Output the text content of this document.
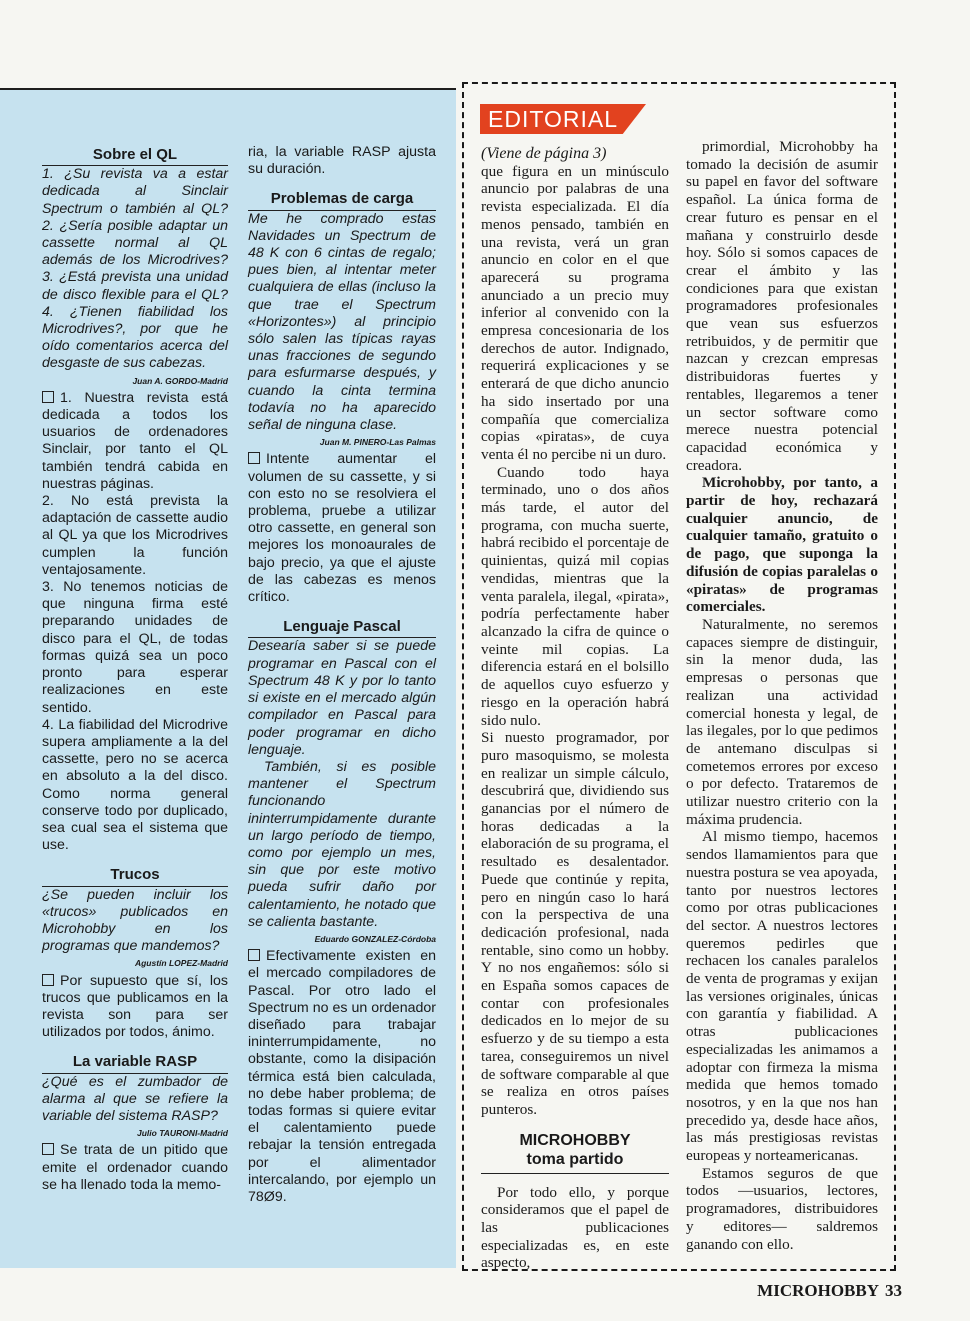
Sobre el QL

1. ¿Su revista va a estar dedicada al Sinclair Spectrum o también al QL? 2. ¿Sería posible adaptar un cassette normal al QL además de los Microdrives? 3. ¿Está prevista una unidad de disco flexible para el QL? 4. ¿Tienen fiabilidad los Microdrives?, por que he oído comentarios acerca del desgaste de sus cabezas.

Juan A. GORDO-Madrid

1. Nuestra revista está dedicada a todos los usuarios de ordenadores Sinclair, por tanto el QL también tendrá cabida en nuestras páginas.

2. No está prevista la adaptación de cassette audio al QL ya que los Microdrives cumplen la función ventajosamente.

3. No tenemos noticias de que ninguna firma esté preparando unidades de disco para el QL, de todas formas quizá sea un poco pronto para esperar realizaciones en este sentido.

4. La fiabilidad del Microdrive supera ampliamente a la del cassette, pero no se acerca en absoluto a la del disco. Como norma general conserve todo por duplicado, sea cual sea el sistema que use.

Trucos

¿Se pueden incluir los «trucos» publicados en Microhobby en los programas que mandemos?

Agustín LOPEZ-Madrid

Por supuesto que sí, los trucos que publicamos en la revista son para ser utilizados por todos, ánimo.

La variable RASP

¿Qué es el zumbador de alarma al que se refiere la variable del sistema RASP?

Julio TAURONI-Madrid

Se trata de un pitido que emite el ordenador cuando se ha llenado toda la memo-

ria, la variable RASP ajusta su duración.

Problemas de carga

Me he comprado estas Navidades un Spectrum de 48 K con 6 cintas de regalo; pues bien, al intentar meter cualquiera de ellas (incluso la que trae el Spectrum «Horizontes») al principio sólo salen las típicas rayas unas fracciones de segundo para esfurmarse después, y cuando la cinta termina todavía no ha aparecido señal de ninguna clase.

Juan M. PINERO-Las Palmas

Intente aumentar el volumen de su cassette, y si con esto no se resolviera el problema, pruebe a utilizar otro cassette, en general son mejores los monoaurales de bajo precio, ya que el ajuste de las cabezas es menos crítico.

Lenguaje Pascal

Desearía saber si se puede programar en Pascal con el Spectrum 48 K y por lo tanto si existe en el mercado algún compilador en Pascal para poder programar en dicho lenguaje.

También, si es posible mantener el Spectrum funcionando ininterrumpidamente durante un largo período de tiempo, como por ejemplo un mes, sin que por este motivo pueda sufrir daño por calentamiento, he notado que se calienta bastante.

Eduardo GONZALEZ-Córdoba

Efectivamente existen en el mercado compiladores de Pascal. Por otro lado el Spectrum no es un ordenador diseñado para trabajar ininterrumpidamente, no obstante, como la disipación térmica está bien calculada, no debe haber problema; de todas formas si quiere evitar el calentamiento puede rebajar la tensión entregada por el alimentador intercalando, por ejemplo un 78Ø9.

EDITORIAL

(Viene de página 3)

que figura en un minúsculo anuncio por palabras de una revista especializada. El día menos pensado, también en una revista, verá un gran anuncio en color en el que aparecerá su programa anunciado a un precio muy inferior al convenido con la empresa concesionaria de los derechos de autor. Indignado, requerirá explicaciones y se enterará de que dicho anuncio ha sido insertado por una compañía que comercializa copias «piratas», de cuya venta él no percibe ni un duro.

Cuando todo haya terminado, uno o dos años más tarde, el autor del programa, con mucha suerte, habrá recibido el porcentaje de quinientas, quizá mil copias vendidas, mientras que la venta paralela, ilegal, «pirata», podría perfectamente haber alcanzado la cifra de quince o veinte mil copias. La diferencia estará en el bolsillo de aquellos cuyo esfuerzo y riesgo en la operación habrá sido nulo.

Si nuesto programador, por puro masoquismo, se molesta en realizar un simple cálculo, descubrirá que, dividiendo sus ganancias por el número de horas dedicadas a la elaboración de su programa, el resultado es desalentador. Puede que continúe y repita, pero en ningún caso lo hará con la perspectiva de una dedicación profesional, nada rentable, sino como un hobby. Y no nos engañemos: sólo si en España somos capaces de contar con profesionales dedicados en lo mejor de su esfuerzo y de su tiempo a esta tarea, conseguiremos un nivel de software comparable al que se realiza en otros países punteros.

MICROHOBBY
toma partido

Por todo ello, y porque consideramos que el papel de las publicaciones especializadas es, en este aspecto,

primordial, Microhobby ha tomado la decisión de asumir su papel en favor del software español. La única forma de crear futuro es pensar en el mañana y construirlo desde hoy. Sólo si somos capaces de crear el ámbito y las condiciones para que existan programadores profesionales que vean sus esfuerzos retribuidos, y de permitir que nazcan y crezcan empresas distribuidoras fuertes y rentables, llegaremos a tener un sector software como merece nuestra potencial capacidad económica y creadora.

Microhobby, por tanto, a partir de hoy, rechazará cualquier anuncio, de cualquier tamaño, gratuito o de pago, que suponga la difusión de copias paralelas o «piratas» de programas comerciales.

Naturalmente, no seremos capaces siempre de distinguir, sin la menor duda, las empresas o personas que realizan una actividad comercial honesta y legal, de las ilegales, por lo que pedimos de antemano disculpas si cometemos errores por exceso o por defecto. Trataremos de utilizar nuestro criterio con la máxima prudencia.

Al mismo tiempo, hacemos sendos llamamientos para que nuestra postura se vea apoyada, tanto por nuestros lectores como por otras publicaciones del sector. A nuestros lectores queremos pedirles que rechacen los canales paralelos de venta de programas y exijan las versiones originales, únicas con garantía y fiabilidad. A otras publicaciones especializadas les animamos a adoptar con firmeza la misma medida que hemos tomado nosotros, y en la que nos han precedido ya, desde hace años, las más prestigiosas revistas europeas y norteamericanas.

Estamos seguros de que todos —usuarios, lectores, programadores, distribuidores y editores— saldremos ganando con ello.

MICROHOBBY 33
